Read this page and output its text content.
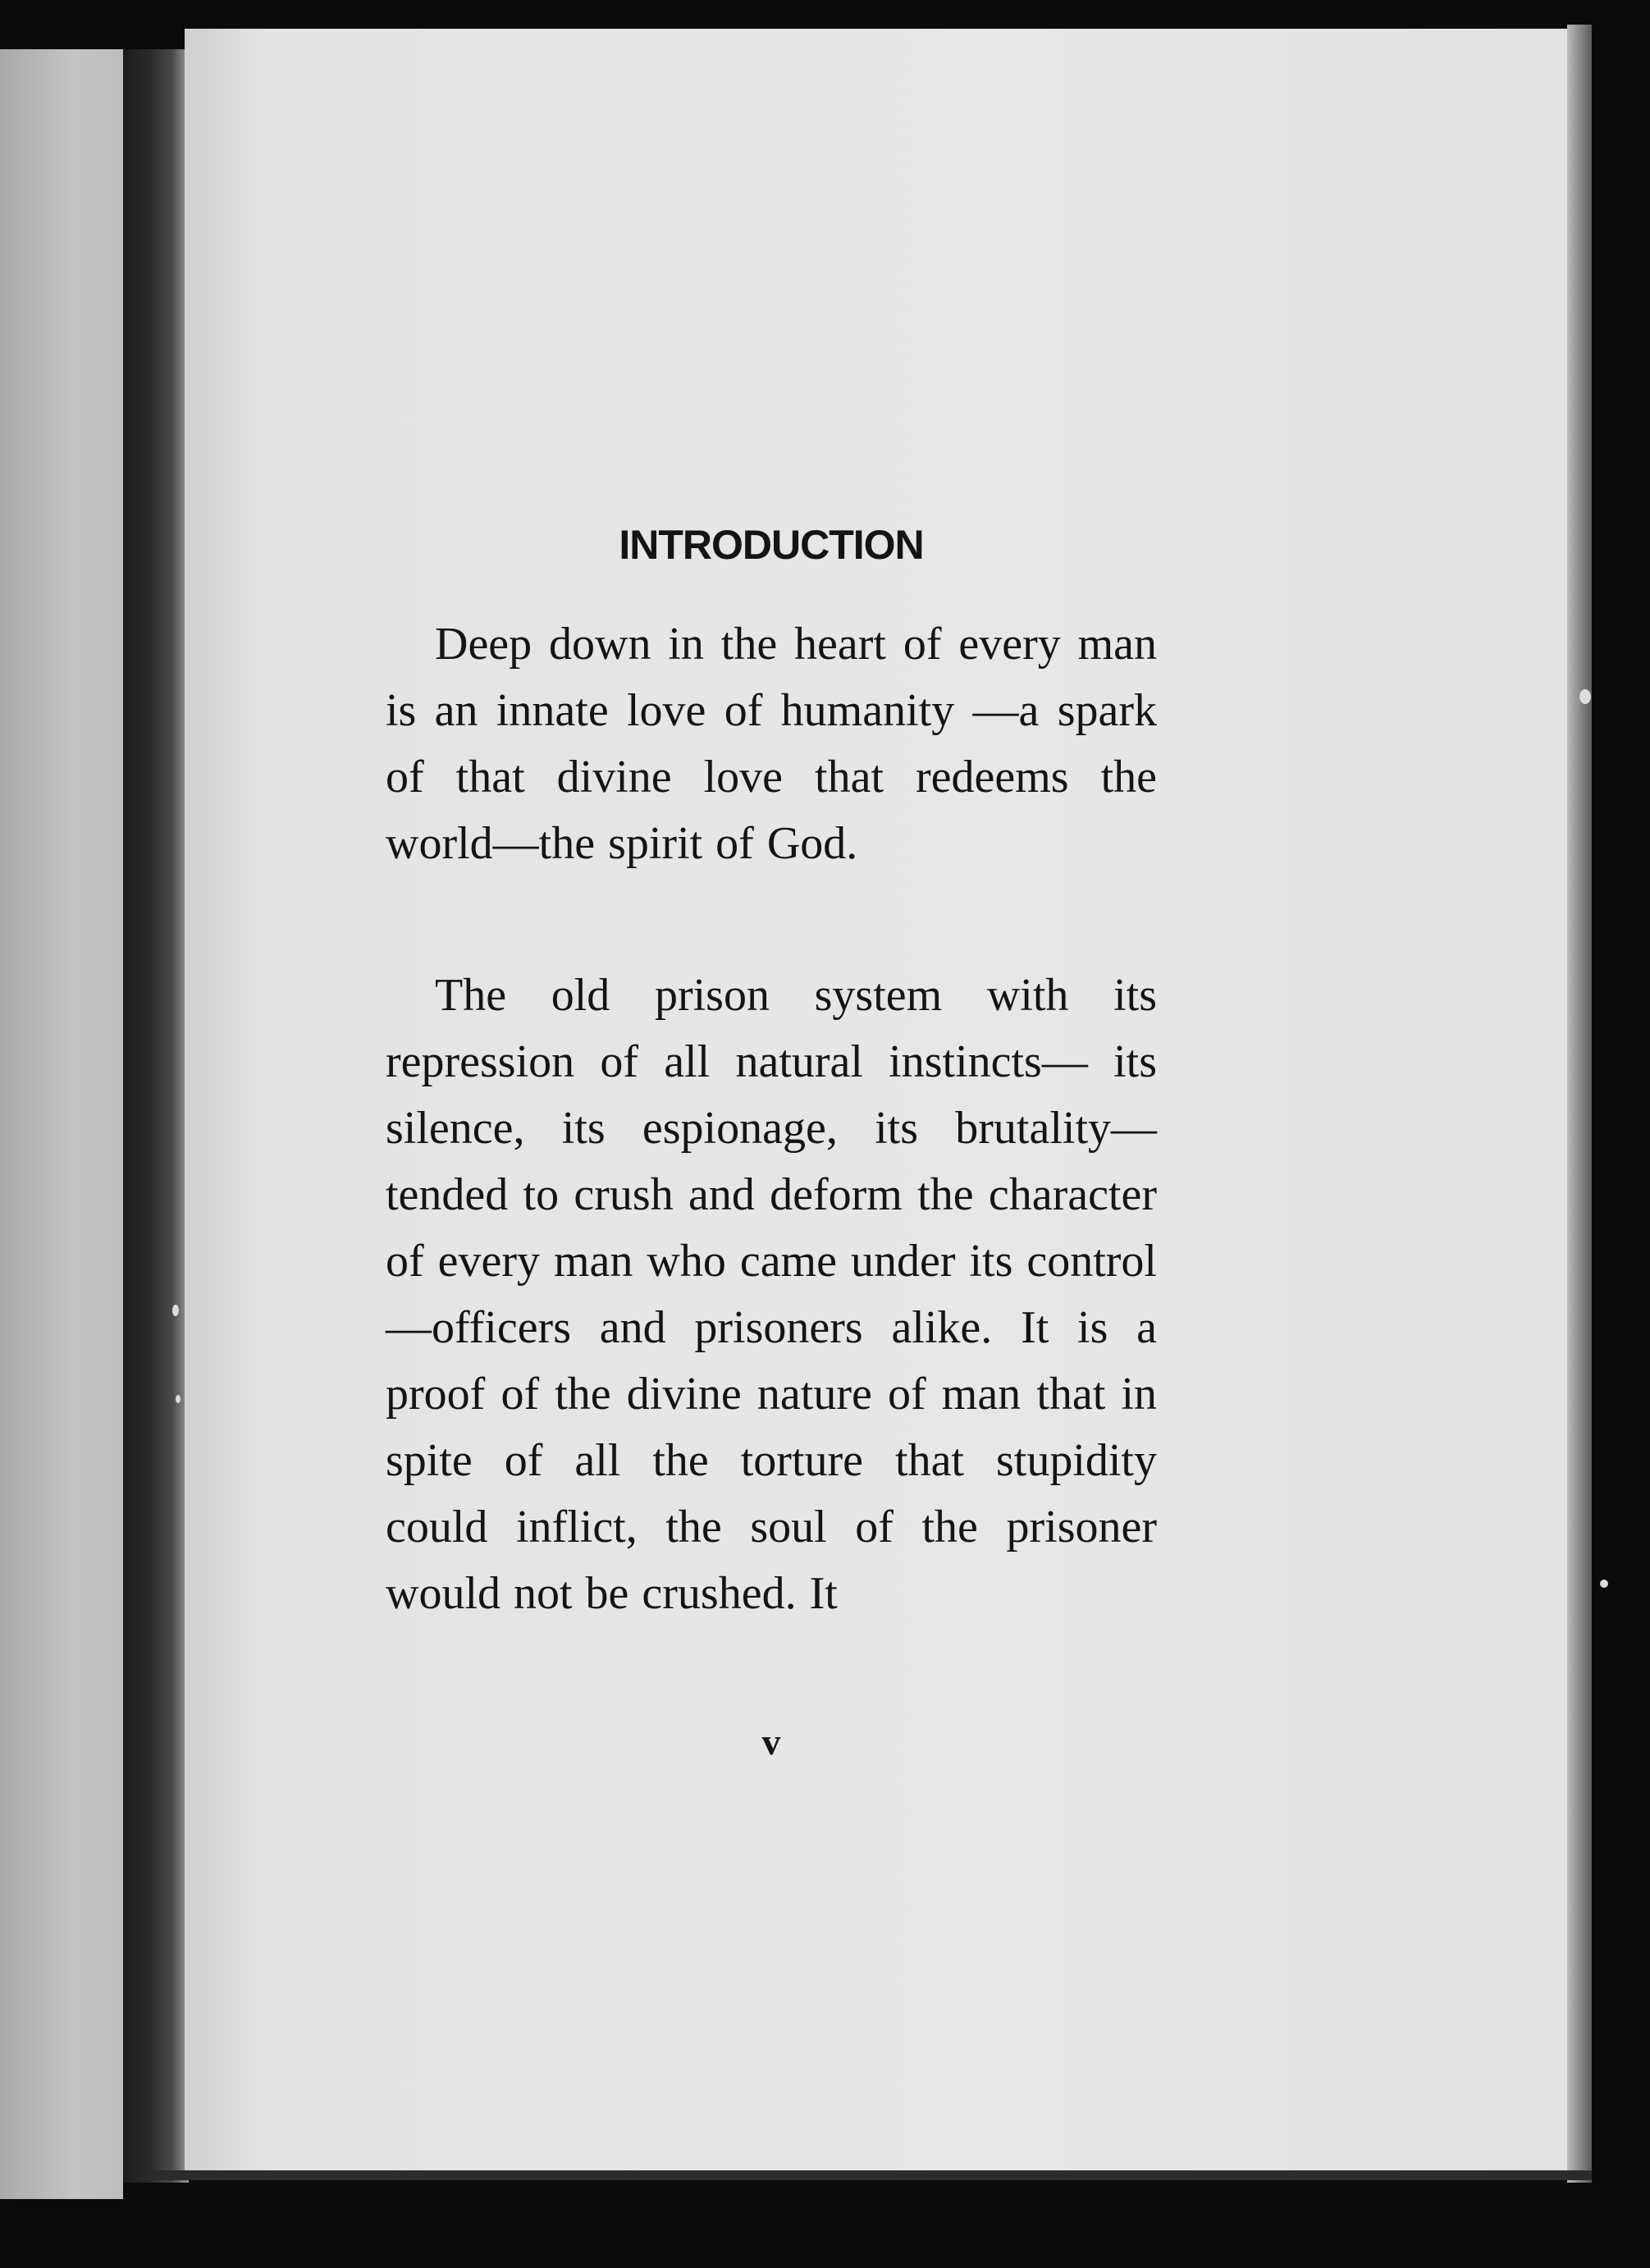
INTRODUCTION
Deep down in the heart of every man is an innate love of humanity —a spark of that divine love that redeems the world—the spirit of God.
The old prison system with its repression of all natural instincts— its silence, its espionage, its brutality—tended to crush and deform the character of every man who came under its control—officers and prisoners alike. It is a proof of the divine nature of man that in spite of all the torture that stupidity could inflict, the soul of the prisoner would not be crushed. It
v
